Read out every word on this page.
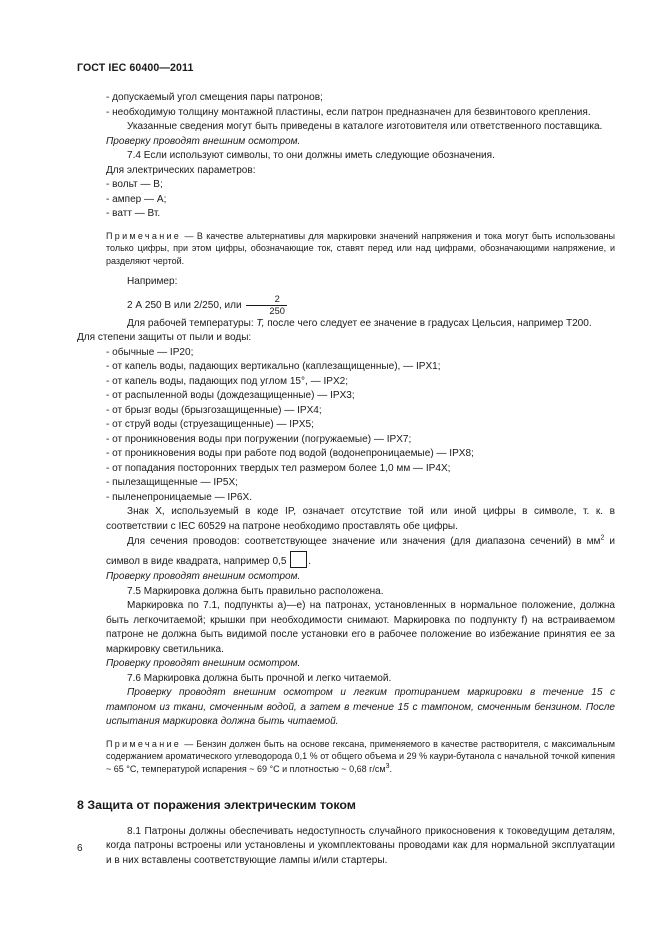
ГОСТ IEC 60400—2011

- допускаемый угол смещения пары патронов;

- необходимую толщину монтажной пластины, если патрон предназначен для безвинтового крепления.

Указанные сведения могут быть приведены в каталоге изготовителя или ответственного поставщика.

Проверку проводят внешним осмотром.

7.4 Если используют символы, то они должны иметь следующие обозначения.

Для электрических параметров:

- вольт — В;

- ампер — А;

- ватт — Вт.

Примечание — В качестве альтернативы для маркировки значений напряжения и тока могут быть использованы только цифры, при этом цифры, обозначающие ток, ставят перед или над цифрами, обозначающими напряжение, и разделяют чертой.

Например:

2 А 250 В или 2/250, или $\frac{2}{250}$

Для рабочей температуры: Т, после чего следует ее значение в градусах Цельсия, например Т200.

Для степени защиты от пыли и воды:

- обычные — IP20;

- от капель воды, падающих вертикально (каплезащищенные), — IPX1;

- от капель воды, падающих под углом 15°, — IPX2;

- от распыленной воды (дождезащищенные) — IPX3;

- от брызг воды (брызгозащищенные) — IPX4;

- от струй воды (струезащищенные) — IPX5;

- от проникновения воды при погружении (погружаемые) — IPX7;

- от проникновения воды при работе под водой (водонепроницаемые) — IPX8;

- от попадания посторонних твердых тел размером более 1,0 мм — IP4X;

- пылезащищенные — IP5X;

- пыленепроницаемые — IP6X.

Знак Х, используемый в коде IP, означает отсутствие той или иной цифры в символе, т. к. в соответствии с IEC 60529 на патроне необходимо проставлять обе цифры.

Для сечения проводов: соответствующее значение или значения (для диапазона сечений) в $мм^2$ и символ в виде квадрата, например 0,5 .

Проверку проводят внешним осмотром.

7.5 Маркировка должна быть правильно расположена.

Маркировка по 7.1, подпункты а)—е) на патронах, установленных в нормальное положение, должна быть легкочитаемой; крышки при необходимости снимают. Маркировка по подпункту f) на встраиваемом патроне не должна быть видимой после установки его в рабочее положение во избежание принятия ее за маркировку светильника.

Проверку проводят внешним осмотром.

7.6 Маркировка должна быть прочной и легко читаемой.

Проверку проводят внешним осмотром и легким протиранием маркировки в течение 15 с тампоном из ткани, смоченным водой, а затем в течение 15 с тампоном, смоченным бензином. После испытания маркировка должна быть читаемой.

Примечание — Бензин должен быть на основе гексана, применяемого в качестве растворителя, с максимальным содержанием ароматического углеводорода 0,1 % от общего объема и 29 % каури-бутанола с начальной точкой кипения ~ 65 °С, температурой испарения ~ 69 °С и плотностью ~ 0,68 $г/см^3$.

8 Защита от поражения электрическим током

8.1 Патроны должны обеспечивать недоступность случайного прикосновения к токоведущим деталям, когда патроны встроены или установлены и укомплектованы проводами как для нормальной эксплуатации и в них вставлены соответствующие лампы и/или стартеры.

6
